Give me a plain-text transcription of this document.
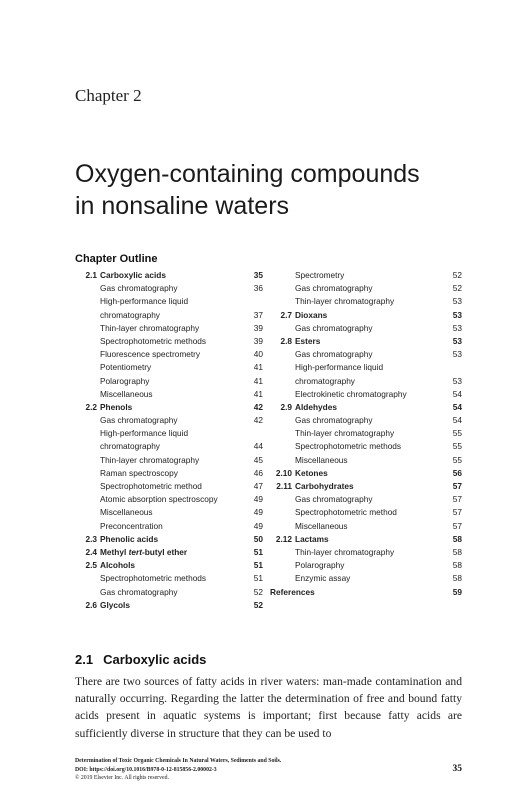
Chapter 2
Oxygen-containing compounds
in nonsaline waters
Chapter Outline
2.1 Carboxylic acids	35
Gas chromatography	36
High-performance liquid
chromatography	37
Thin-layer chromatography	39
Spectrophotometric methods	39
Fluorescence spectrometry	40
Potentiometry	41
Polarography	41
Miscellaneous	41
2.2 Phenols	42
Gas chromatography	42
High-performance liquid
chromatography	44
Thin-layer chromatography	45
Raman spectroscopy	46
Spectrophotometric method	47
Atomic absorption spectroscopy	49
Miscellaneous	49
Preconcentration	49
2.3 Phenolic acids	50
2.4 Methyl tert-butyl ether	51
2.5 Alcohols	51
Spectrophotometric methods	51
Gas chromatography	52
2.6 Glycols	52
Spectrometry	52
Gas chromatography	52
Thin-layer chromatography	53
2.7 Dioxans	53
Gas chromatography	53
2.8 Esters	53
Gas chromatography	53
High-performance liquid
chromatography	53
Electrokinetic chromatography	54
2.9 Aldehydes	54
Gas chromatography	54
Thin-layer chromatography	55
Spectrophotometric methods	55
Miscellaneous	55
2.10 Ketones	56
2.11 Carbohydrates	57
Gas chromatography	57
Spectrophotometric method	57
Miscellaneous	57
2.12 Lactams	58
Thin-layer chromatography	58
Polarography	58
Enzymic assay	58
References	59
2.1 Carboxylic acids

There are two sources of fatty acids in river waters: man-made contamination and naturally occurring. Regarding the latter the determination of free and bound fatty acids present in aquatic systems is important; first because fatty acids are sufficiently diverse in structure that they can be used to

Determination of Toxic Organic Chemicals In Natural Waters, Sediments and Soils.
DOI: https://doi.org/10.1016/B978-0-12-815856-2.00002-3
© 2019 Elsevier Inc. All rights reserved.
35
